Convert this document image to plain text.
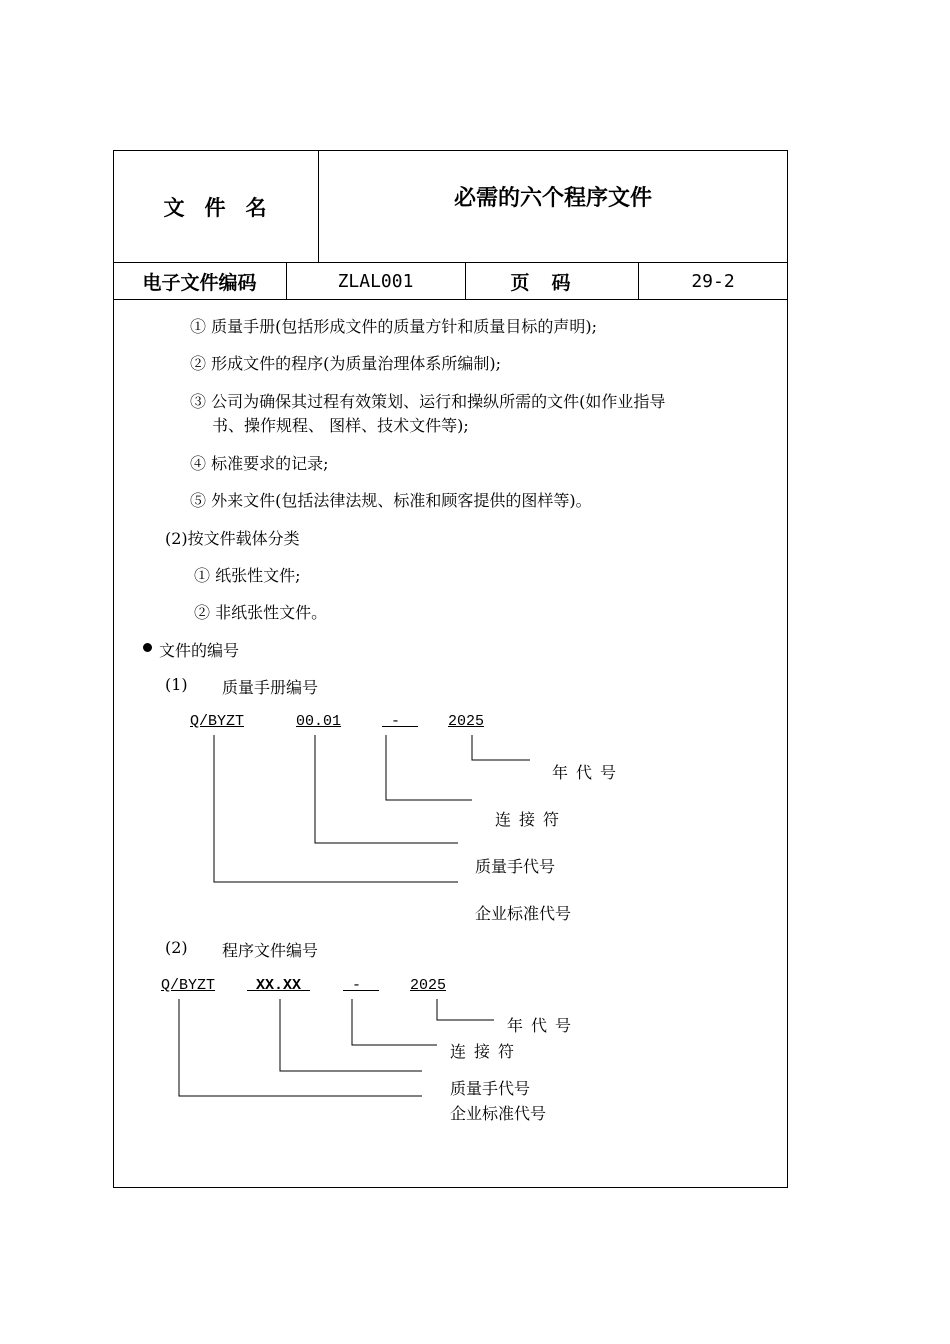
文件名	必需的六个程序文件
电子文件编码	ZLAL001	页码	29-2
① 质量手册(包括形成文件的质量方针和质量目标的声明);
② 形成文件的程序(为质量治理体系所编制);
③ 公司为确保其过程有效策划、运行和操纵所需的文件(如作业指导
书、操作规程、 图样、技术文件等);
④ 标准要求的记录;
⑤ 外来文件(包括法律法规、标准和顾客提供的图样等)。
(2)按文件载体分类
① 纸张性文件;
② 非纸张性文件。
文件的编号
(1) 质量手册编号
Q/BYZT	00.01	-	2025
年代号
连接符
质量手代号
企业标准代号
(2) 程序文件编号
Q/BYZT	XX.XX	-	2025
年代号
连接符
质量手代号
企业标准代号
